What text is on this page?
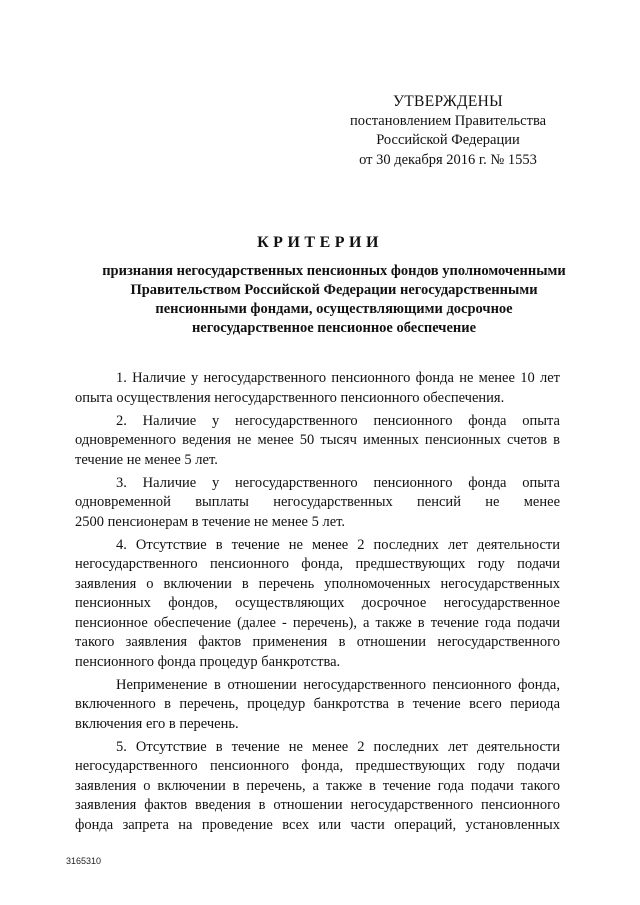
УТВЕРЖДЕНЫ
постановлением Правительства
Российской Федерации
от 30 декабря 2016 г. № 1553
КРИТЕРИИ
признания негосударственных пенсионных фондов уполномоченными
Правительством Российской Федерации негосударственными
пенсионными фондами, осуществляющими досрочное
негосударственное пенсионное обеспечение
1. Наличие у негосударственного пенсионного фонда не менее 10 лет
опыта осуществления негосударственного пенсионного обеспечения.
2. Наличие у негосударственного пенсионного фонда опыта
одновременного ведения не менее 50 тысяч именных пенсионных счетов в
течение не менее 5 лет.
3. Наличие у негосударственного пенсионного фонда опыта
одновременной выплаты негосударственных пенсий не менее
2500 пенсионерам в течение не менее 5 лет.
4. Отсутствие в течение не менее 2 последних лет деятельности
негосударственного пенсионного фонда, предшествующих году подачи
заявления о включении в перечень уполномоченных негосударственных
пенсионных фондов, осуществляющих досрочное негосударственное
пенсионное обеспечение (далее - перечень), а также в течение года подачи
такого заявления фактов применения в отношении негосударственного
пенсионного фонда процедур банкротства.
Неприменение в отношении негосударственного пенсионного фонда,
включенного в перечень, процедур банкротства в течение всего периода
включения его в перечень.
5. Отсутствие в течение не менее 2 последних лет деятельности
негосударственного пенсионного фонда, предшествующих году подачи
заявления о включении в перечень, а также в течение года подачи такого
заявления фактов введения в отношении негосударственного пенсионного
фонда запрета на проведение всех или части операций, установленных
3165310
